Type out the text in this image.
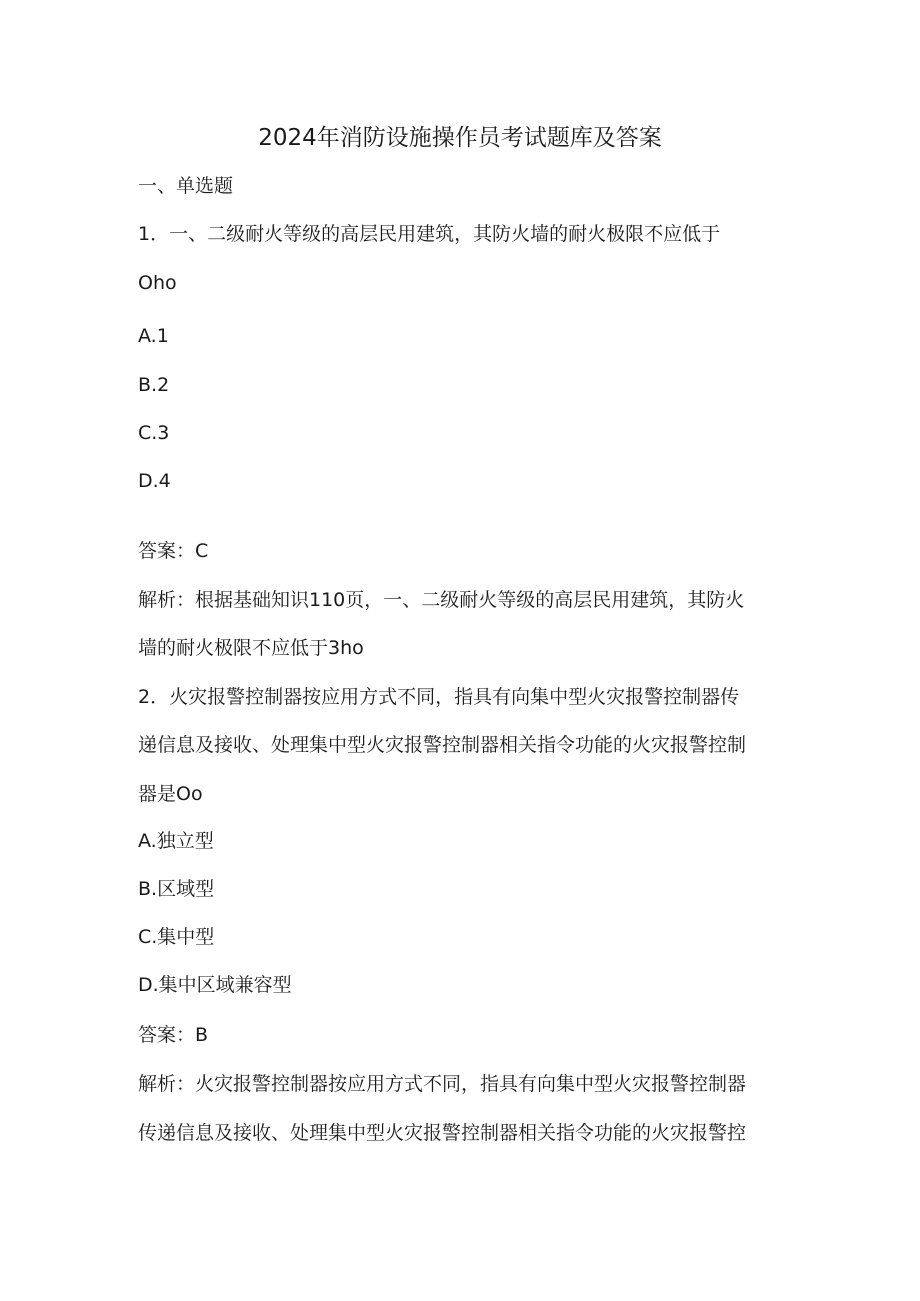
2024年消防设施操作员考试题库及答案
一、单选题
1．一、二级耐火等级的高层民用建筑，其防火墙的耐火极限不应低于
Oho
A.1
B.2
C.3
D.4
答案：C
解析：根据基础知识110页，一、二级耐火等级的高层民用建筑，其防火
墙的耐火极限不应低于3ho
2．火灾报警控制器按应用方式不同，指具有向集中型火灾报警控制器传
递信息及接收、处理集中型火灾报警控制器相关指令功能的火灾报警控制
器是Oo
A.独立型
B.区域型
C.集中型
D.集中区域兼容型
答案：B
解析：火灾报警控制器按应用方式不同，指具有向集中型火灾报警控制器
传递信息及接收、处理集中型火灾报警控制器相关指令功能的火灾报警控
